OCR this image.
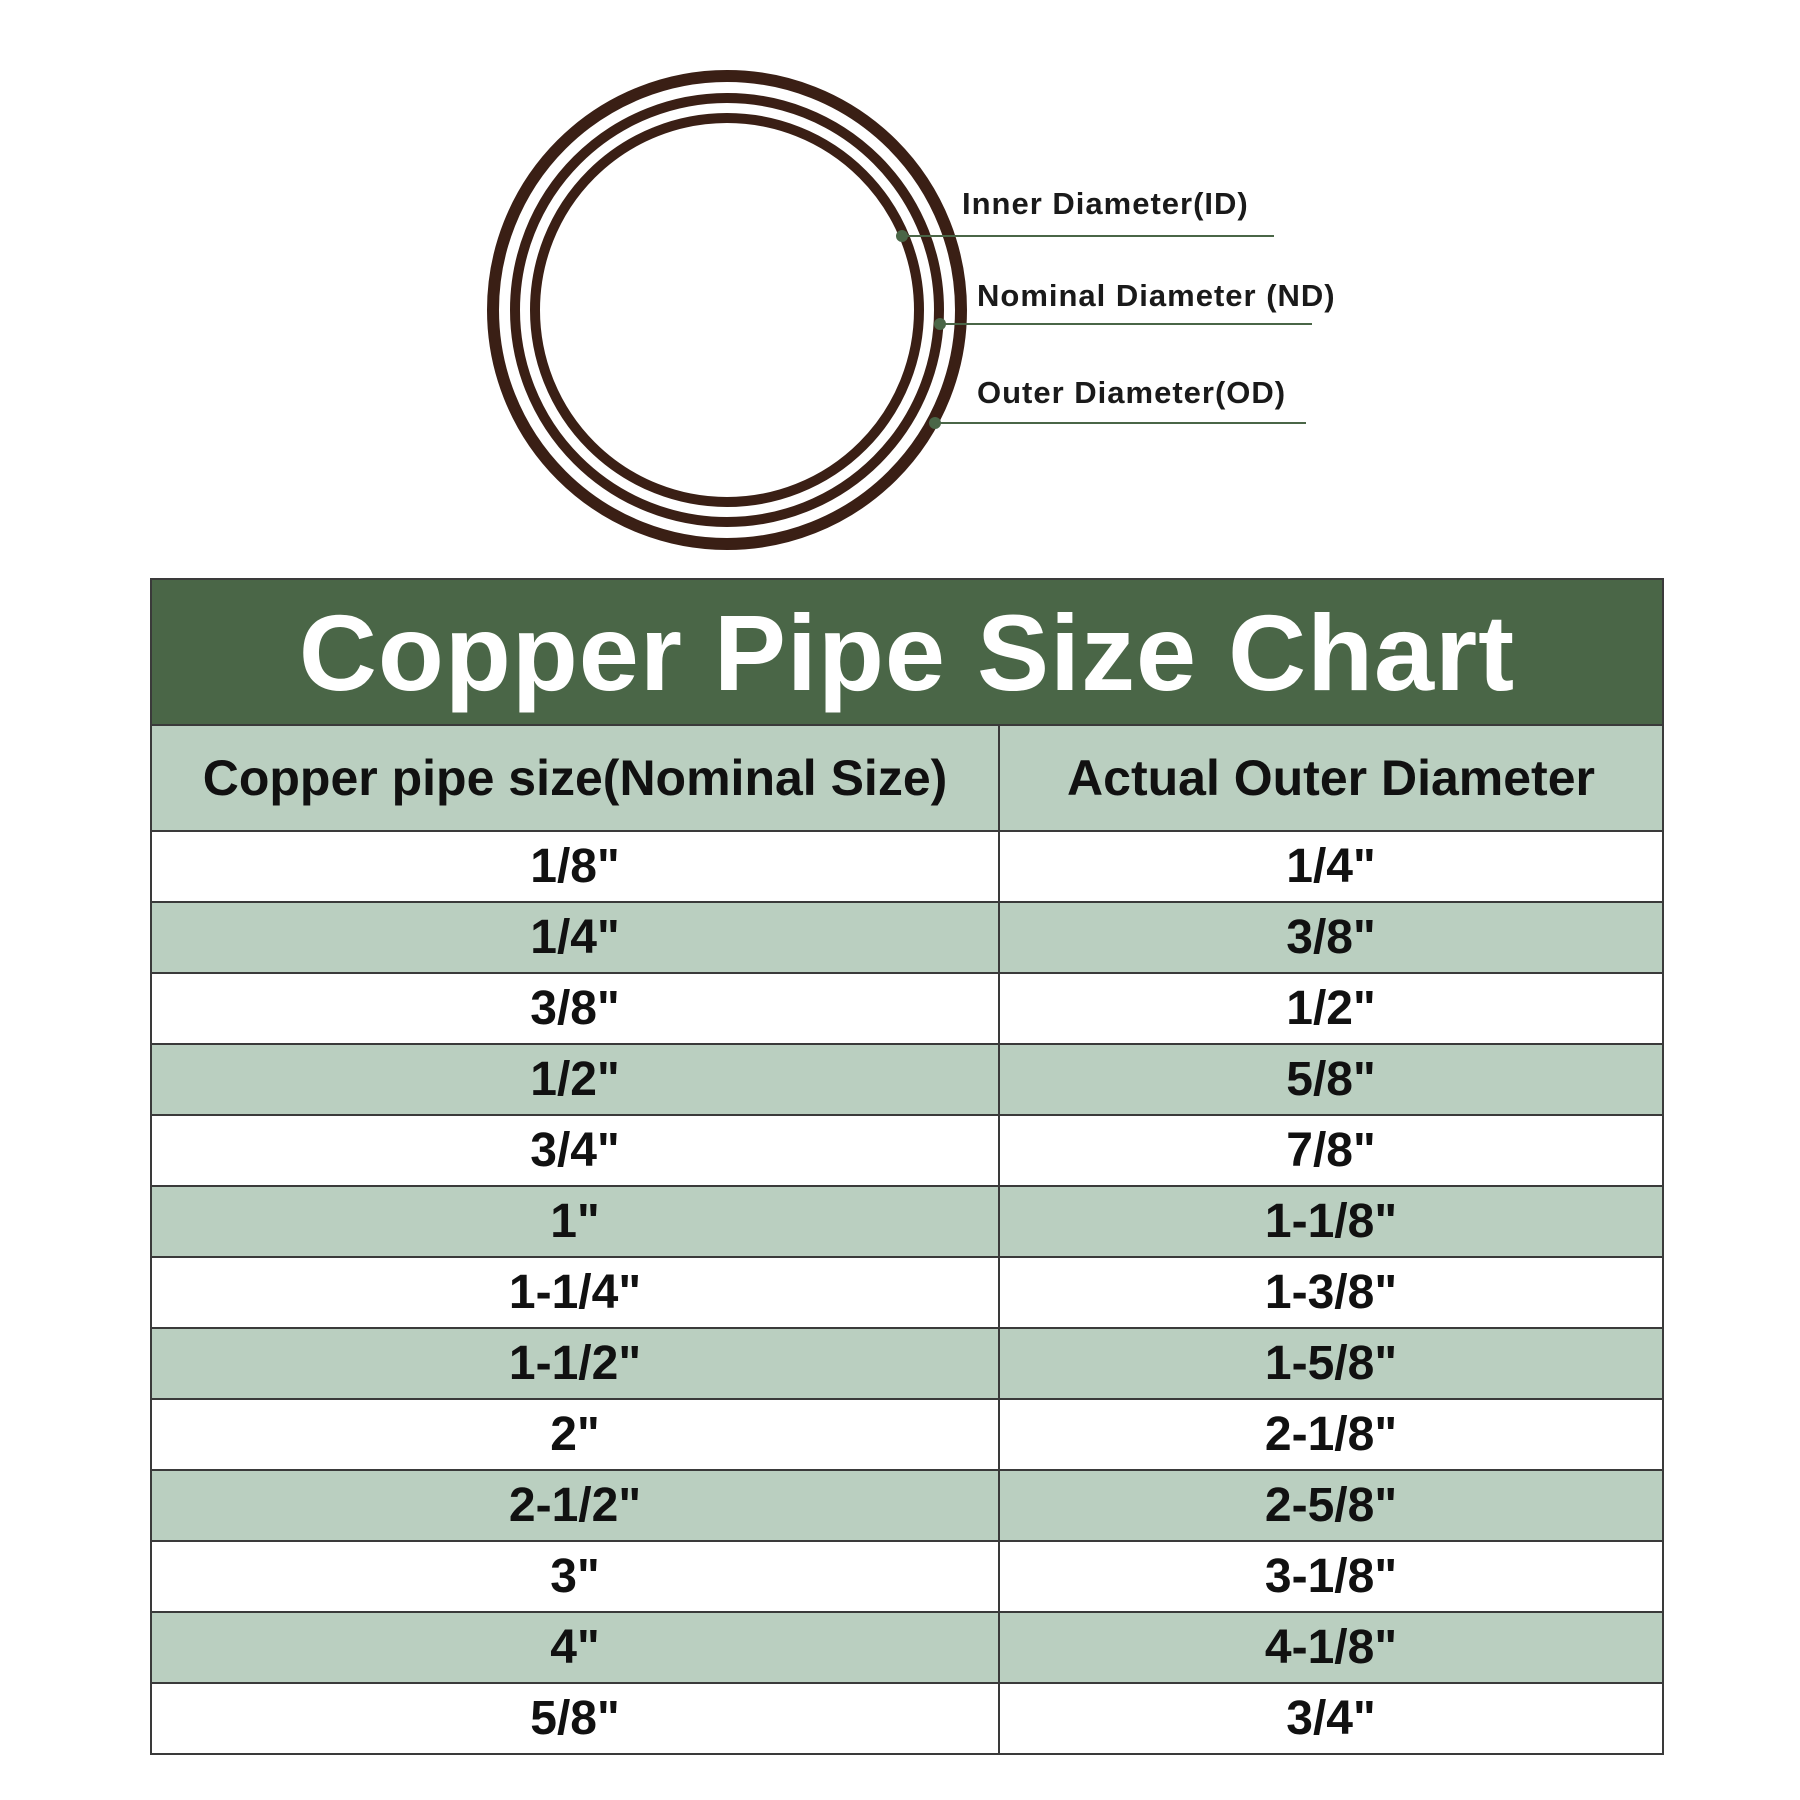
Inner Diameter(ID)
Nominal Diameter (ND)
Outer Diameter(OD)
Copper Pipe Size Chart	
Copper pipe size(Nominal Size)	Actual Outer Diameter
1/8"	1/4"
1/4"	3/8"
3/8"	1/2"
1/2"	5/8"
3/4"	7/8"
1"	1-1/8"
1-1/4"	1-3/8"
1-1/2"	1-5/8"
2"	2-1/8"
2-1/2"	2-5/8"
3"	3-1/8"
4"	4-1/8"
5/8"	3/4"
